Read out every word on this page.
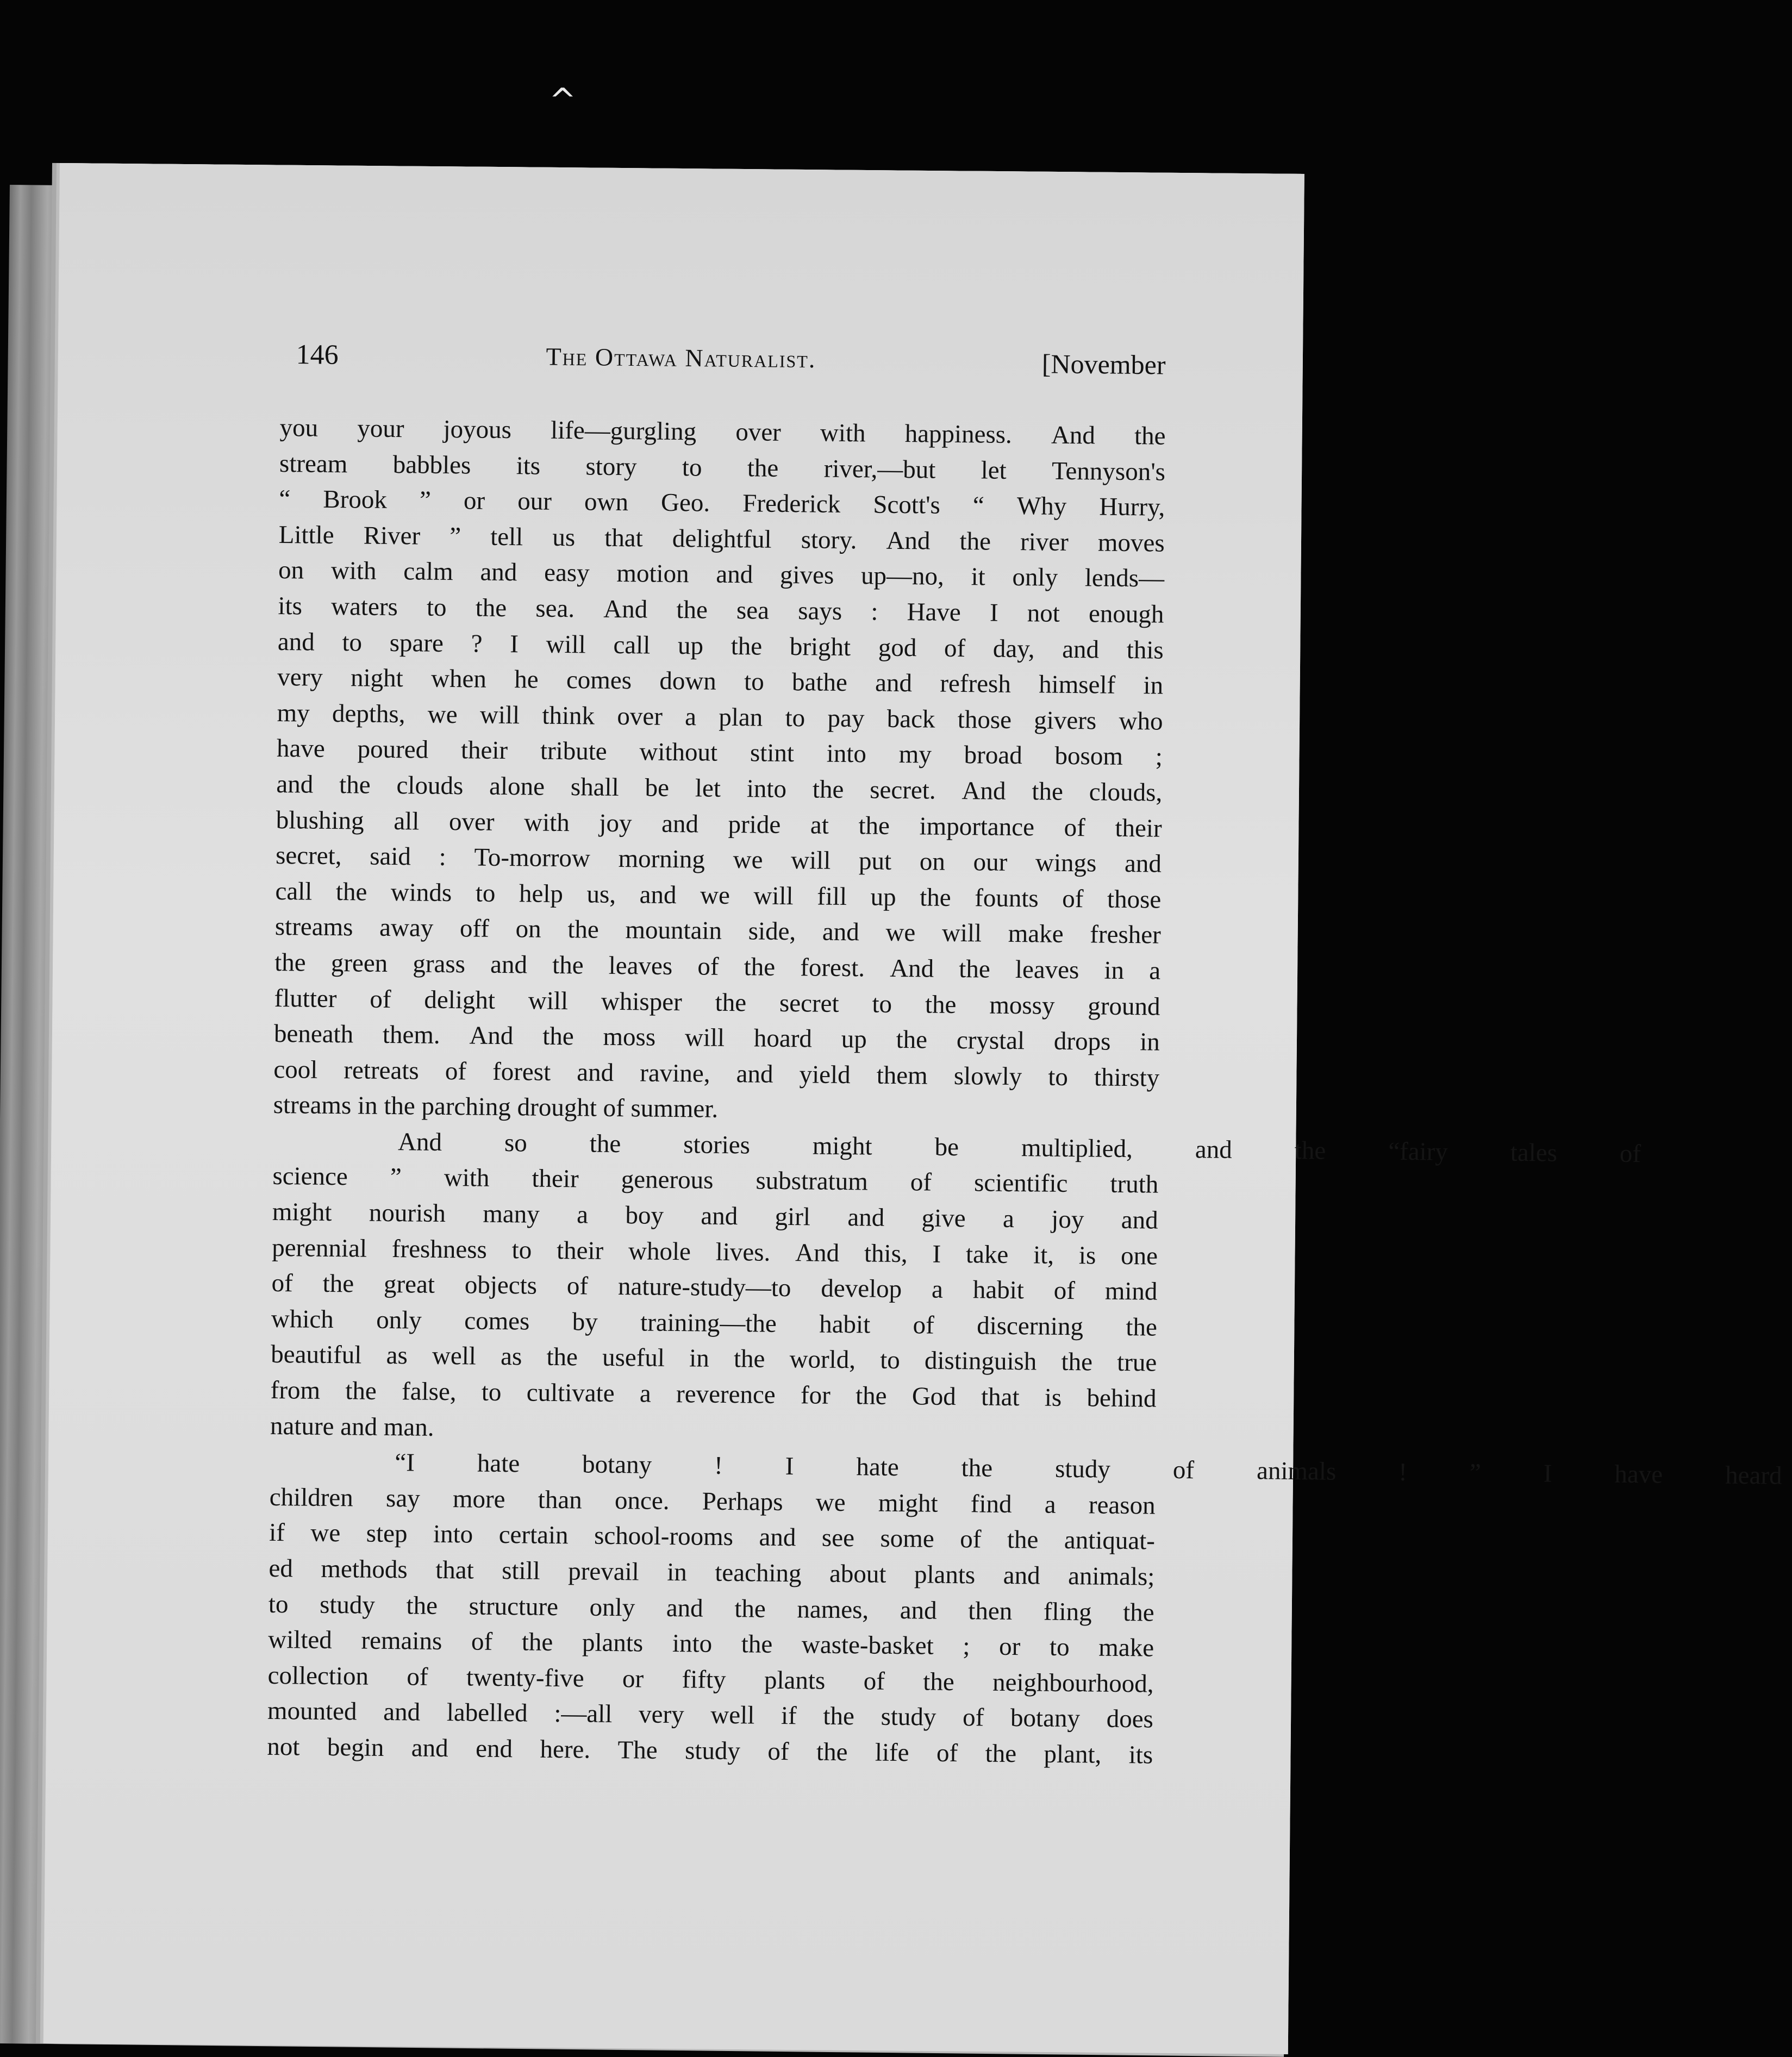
^
146	The Ottawa Naturalist.	[November

you your joyous life—gurgling over with happiness. And the
stream babbles its story to the river,—but let Tennyson's
“ Brook ” or our own Geo. Frederick Scott's “ Why Hurry,
Little River ” tell us that delightful story. And the river moves
on with calm and easy motion and gives up—no, it only lends—
its waters to the sea. And the sea says : Have I not enough
and to spare ? I will call up the bright god of day, and this
very night when he comes down to bathe and refresh himself in
my depths, we will think over a plan to pay back those givers who
have poured their tribute without stint into my broad bosom ;
and the clouds alone shall be let into the secret. And the clouds,
blushing all over with joy and pride at the importance of their
secret, said : To-morrow morning we will put on our wings and
call the winds to help us, and we will fill up the founts of those
streams away off on the mountain side, and we will make fresher
the green grass and the leaves of the forest. And the leaves in a
flutter of delight will whisper the secret to the mossy ground
beneath them. And the moss will hoard up the crystal drops in
cool retreats of forest and ravine, and yield them slowly to thirsty
streams in the parching drought of summer.

And	so	the	stories	might	be	multiplied,	and	the	“fairy	tales	of
science ” with their generous substratum of scientific truth
might nourish many a boy and girl and give a joy and
perennial freshness to their whole lives. And this, I take it, is one
of the great objects of nature-study—to develop a habit of mind
which only comes by training—the habit of discerning the
beautiful as well as the useful in the world, to distinguish the true
from the false, to cultivate a reverence for the God that is behind
nature and man.

“I	hate	botany	!	I	hate	the	study	of	animals	!	”	I	have	heard
children say more than once. Perhaps we might find a reason
if we step into certain school-rooms and see some of the antiquat-
ed methods that still prevail in teaching about plants and animals;
to study the structure only and the names, and then fling the
wilted remains of the plants into the waste-basket ; or to make
collection of twenty-five or fifty plants of the neighbourhood,
mounted and labelled :—all very well if the study of botany does
not begin and end here. The study of the life of the plant, its
